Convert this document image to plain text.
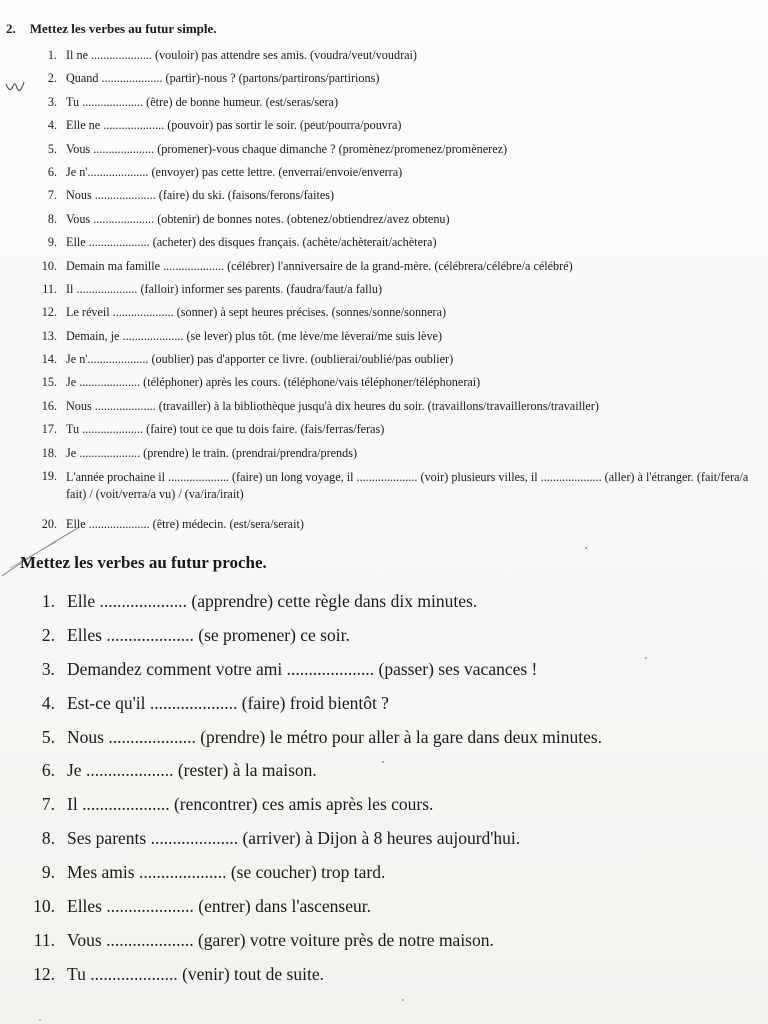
2. Mettez les verbes au futur simple.
1. Il ne .................... (vouloir) pas attendre ses amis. (voudra/veut/voudrai)
2. Quand .................... (partir)-nous ? (partons/partirons/partirions)
3. Tu .................... (être) de bonne humeur. (est/seras/sera)
4. Elle ne .................... (pouvoir) pas sortir le soir. (peut/pourra/pouvra)
5. Vous .................... (promener)-vous chaque dimanche ? (promènez/promenez/promènerez)
6. Je n'.................... (envoyer) pas cette lettre. (enverrai/envoie/enverra)
7. Nous .................... (faire) du ski. (faisons/ferons/faites)
8. Vous .................... (obtenir) de bonnes notes. (obtenez/obtiendrez/avez obtenu)
9. Elle .................... (acheter) des disques français. (achète/achèterait/achètera)
10. Demain ma famille .................... (célébrer) l'anniversaire de la grand-mère. (célébrera/célébre/a célébré)
11. Il .................... (falloir) informer ses parents. (faudra/faut/a fallu)
12. Le réveil .................... (sonner) à sept heures précises. (sonnes/sonne/sonnera)
13. Demain, je .................... (se lever) plus tôt. (me lève/me lèverai/me suis lève)
14. Je n'.................... (oublier) pas d'apporter ce livre. (oublierai/oublié/pas oublier)
15. Je .................... (téléphoner) après les cours. (téléphone/vais téléphoner/téléphonerai)
16. Nous .................... (travailler) à la bibliothèque jusqu'à dix heures du soir. (travaillons/travaillerons/travailler)
17. Tu .................... (faire) tout ce que tu dois faire. (fais/ferras/feras)
18. Je .................... (prendre) le train. (prendrai/prendra/prends)
19. L'année prochaine il .................... (faire) un long voyage, il .................... (voir) plusieurs villes, il .................... (aller) à l'étranger. (fait/fera/a fait) / (voit/verra/a vu) / (va/ira/irait)
20. Elle .................... (être) médecin. (est/sera/serait)
Mettez les verbes au futur proche.
1. Elle .................... (apprendre) cette règle dans dix minutes.
2. Elles .................... (se promener) ce soir.
3. Demandez comment votre ami .................... (passer) ses vacances !
4. Est-ce qu'il .................... (faire) froid bientôt ?
5. Nous .................... (prendre) le métro pour aller à la gare dans deux minutes.
6. Je .................... (rester) à la maison.
7. Il .................... (rencontrer) ces amis après les cours.
8. Ses parents .................... (arriver) à Dijon à 8 heures aujourd'hui.
9. Mes amis .................... (se coucher) trop tard.
10. Elles .................... (entrer) dans l'ascenseur.
11. Vous .................... (garer) votre voiture près de notre maison.
12. Tu .................... (venir) tout de suite.
